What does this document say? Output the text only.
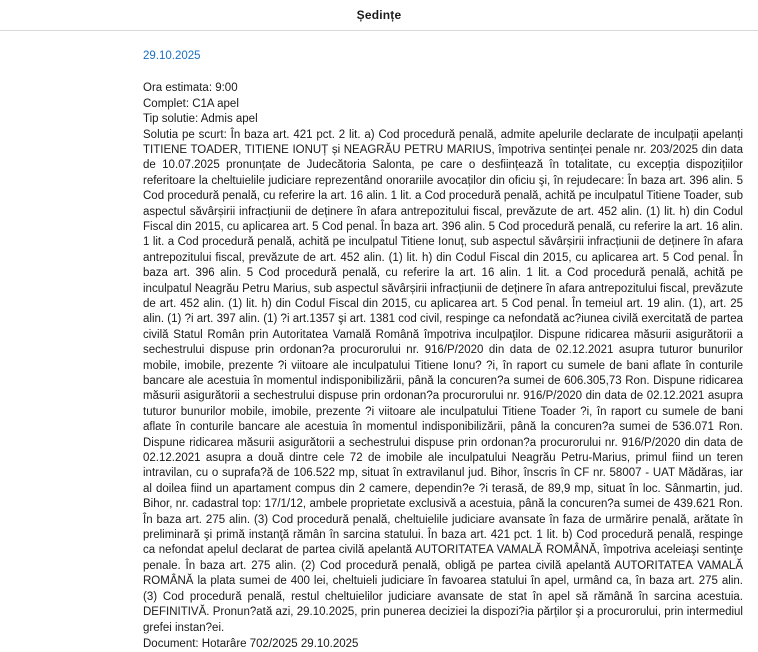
Ședințe
29.10.2025
Ora estimata: 9:00
Complet: C1A apel
Tip solutie: Admis apel
Solutia pe scurt: În baza art. 421 pct. 2 lit. a) Cod procedură penală, admite apelurile declarate de inculpații apelanți TITIENE TOADER, TITIENE IONUȚ și NEAGRĂU PETRU MARIUS, împotriva sentinței penale nr. 203/2025 din data de 10.07.2025 pronunțate de Judecătoria Salonta, pe care o desființează în totalitate, cu excepția dispozițiilor referitoare la cheltuielile judiciare reprezentând onorariile avocaților din oficiu şi, în rejudecare: În baza art. 396 alin. 5 Cod procedură penală, cu referire la art. 16 alin. 1 lit. a Cod procedură penală, achită pe inculpatul Titiene Toader, sub aspectul săvârșirii infracțiunii de deținere în afara antrepozitului fiscal, prevăzute de art. 452 alin. (1) lit. h) din Codul Fiscal din 2015, cu aplicarea art. 5 Cod penal. În baza art. 396 alin. 5 Cod procedură penală, cu referire la art. 16 alin. 1 lit. a Cod procedură penală, achită pe inculpatul Titiene Ionuț, sub aspectul săvârșirii infracțiunii de deținere în afara antrepozitului fiscal, prevăzute de art. 452 alin. (1) lit. h) din Codul Fiscal din 2015, cu aplicarea art. 5 Cod penal. În baza art. 396 alin. 5 Cod procedură penală, cu referire la art. 16 alin. 1 lit. a Cod procedură penală, achită pe inculpatul Neagrău Petru Marius, sub aspectul săvârșirii infracțiunii de deținere în afara antrepozitului fiscal, prevăzute de art. 452 alin. (1) lit. h) din Codul Fiscal din 2015, cu aplicarea art. 5 Cod penal. În temeiul art. 19 alin. (1), art. 25 alin. (1) ?i art. 397 alin. (1) ?i art.1357 şi art. 1381 cod civil, respinge ca nefondată ac?iunea civilă exercitată de partea civilă Statul Român prin Autoritatea Vamală Română împotriva inculpaţilor. Dispune ridicarea măsurii asigurătorii a sechestrului dispuse prin ordonan?a procurorului nr. 916/P/2020 din data de 02.12.2021 asupra tuturor bunurilor mobile, imobile, prezente ?i viitoare ale inculpatului Titiene Ionu? ?i, în raport cu sumele de bani aflate în conturile bancare ale acestuia în momentul indisponibilizării, până la concuren?a sumei de 606.305,73 Ron. Dispune ridicarea măsurii asigurătorii a sechestrului dispuse prin ordonan?a procurorului nr. 916/P/2020 din data de 02.12.2021 asupra tuturor bunurilor mobile, imobile, prezente ?i viitoare ale inculpatului Titiene Toader ?i, în raport cu sumele de bani aflate în conturile bancare ale acestuia în momentul indisponibilizării, până la concuren?a sumei de 536.071 Ron. Dispune ridicarea măsurii asigurătorii a sechestrului dispuse prin ordonan?a procurorului nr. 916/P/2020 din data de 02.12.2021 asupra a două dintre cele 72 de imobile ale inculpatului Neagrău Petru-Marius, primul fiind un teren intravilan, cu o suprafa?ă de 106.522 mp, situat în extravilanul jud. Bihor, înscris în CF nr. 58007 - UAT Mădăras, iar al doilea fiind un apartament compus din 2 camere, dependin?e ?i terasă, de 89,9 mp, situat în loc. Sânmartin, jud. Bihor, nr. cadastral top: 17/1/12, ambele proprietate exclusivă a acestuia, până la concuren?a sumei de 439.621 Ron. În baza art. 275 alin. (3) Cod procedură penală, cheltuielile judiciare avansate în faza de urmărire penală, arătate în preliminară şi primă instanţă rămân în sarcina statului. În baza art. 421 pct. 1 lit. b) Cod procedură penală, respinge ca nefondat apelul declarat de partea civilă apelantă AUTORITATEA VAMALĂ ROMÂNĂ, împotriva aceleiaşi sentinţe penale. În baza art. 275 alin. (2) Cod procedură penală, obligă pe partea civilă apelantă AUTORITATEA VAMALĂ ROMÂNĂ la plata sumei de 400 lei, cheltuieli judiciare în favoarea statului în apel, urmând ca, în baza art. 275 alin. (3) Cod procedură penală, restul cheltuielilor judiciare avansate de stat în apel să rămână în sarcina acestuia. DEFINITIVĂ. Pronun?ată azi, 29.10.2025, prin punerea deciziei la dispozi?ia părților şi a procurorului, prin intermediul grefei instan?ei.
Document: Hotarâre 702/2025 29.10.2025
